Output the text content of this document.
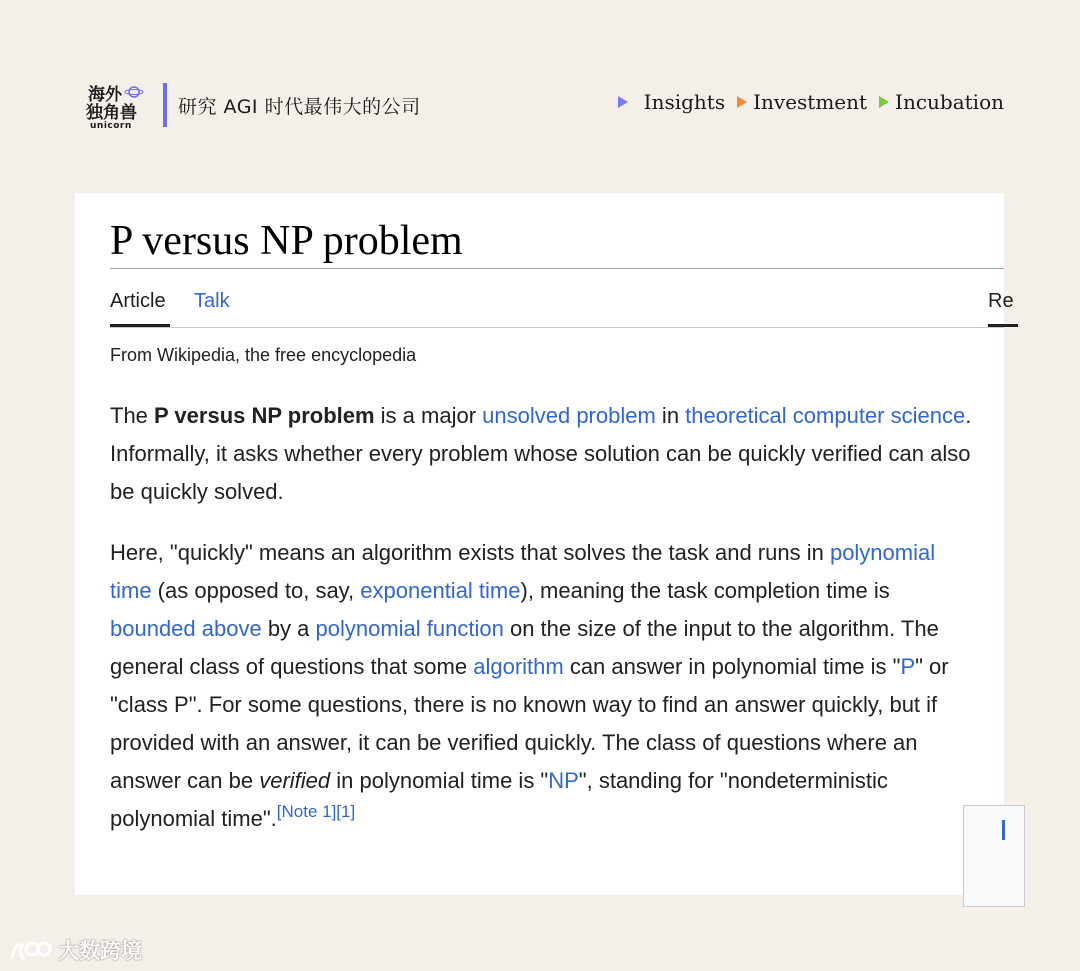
海外
独角兽
unicorn
研究 AGI 时代最伟大的公司	Insights Investment Incubation
P versus NP problem
Article Talk	Re
From Wikipedia, the free encyclopedia

The P versus NP problem is a major unsolved problem in theoretical computer science. Informally, it asks whether every problem whose solution can be quickly verified can also be quickly solved.

Here, "quickly" means an algorithm exists that solves the task and runs in polynomial time (as opposed to, say, exponential time), meaning the task completion time is bounded above by a polynomial function on the size of the input to the algorithm. The general class of questions that some algorithm can answer in polynomial time is "P" or "class P". For some questions, there is no known way to find an answer quickly, but if provided with an answer, it can be verified quickly. The class of questions where an answer can be verified in polynomial time is "NP", standing for "nondeterministic polynomial time".[Note 1][1]

大数跨境
